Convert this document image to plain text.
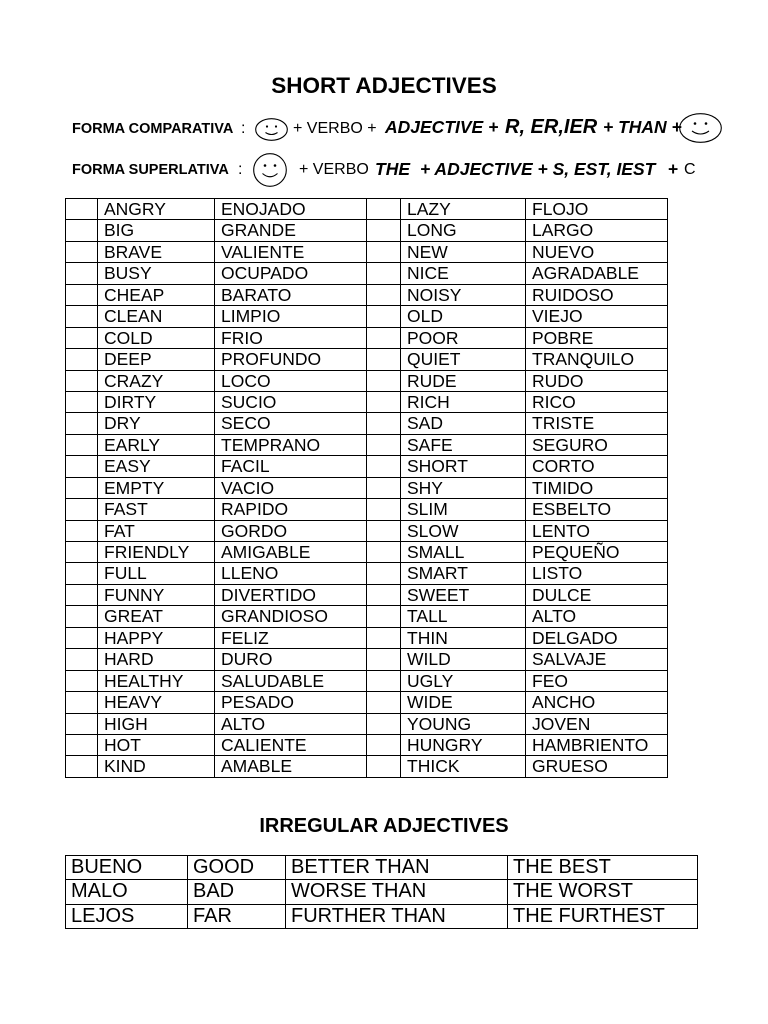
SHORT ADJECTIVES
FORMA COMPARATIVA :	+ VERBO + ADJECTIVE + R, ER,IER + THAN +
FORMA SUPERLATIVA :	+ VERBO THE + ADJECTIVE + S, EST, IEST + C
ANGRY	ENOJADO	LAZY	FLOJO
BIG	GRANDE	LONG	LARGO
BRAVE	VALIENTE	NEW	NUEVO
BUSY	OCUPADO	NICE	AGRADABLE
CHEAP	BARATO	NOISY	RUIDOSO
CLEAN	LIMPIO	OLD	VIEJO
COLD	FRIO	POOR	POBRE
DEEP	PROFUNDO	QUIET	TRANQUILO
CRAZY	LOCO	RUDE	RUDO
DIRTY	SUCIO	RICH	RICO
DRY	SECO	SAD	TRISTE
EARLY	TEMPRANO	SAFE	SEGURO
EASY	FACIL	SHORT	CORTO
EMPTY	VACIO	SHY	TIMIDO
FAST	RAPIDO	SLIM	ESBELTO
FAT	GORDO	SLOW	LENTO
FRIENDLY	AMIGABLE	SMALL	PEQUEÑO
FULL	LLENO	SMART	LISTO
FUNNY	DIVERTIDO	SWEET	DULCE
GREAT	GRANDIOSO	TALL	ALTO
HAPPY	FELIZ	THIN	DELGADO
HARD	DURO	WILD	SALVAJE
HEALTHY	SALUDABLE	UGLY	FEO
HEAVY	PESADO	WIDE	ANCHO
HIGH	ALTO	YOUNG	JOVEN
HOT	CALIENTE	HUNGRY	HAMBRIENTO
KIND	AMABLE	THICK	GRUESO
IRREGULAR ADJECTIVES
BUENO	GOOD	BETTER THAN	THE BEST
MALO	BAD	WORSE THAN	THE WORST
LEJOS	FAR	FURTHER THAN	THE FURTHEST
